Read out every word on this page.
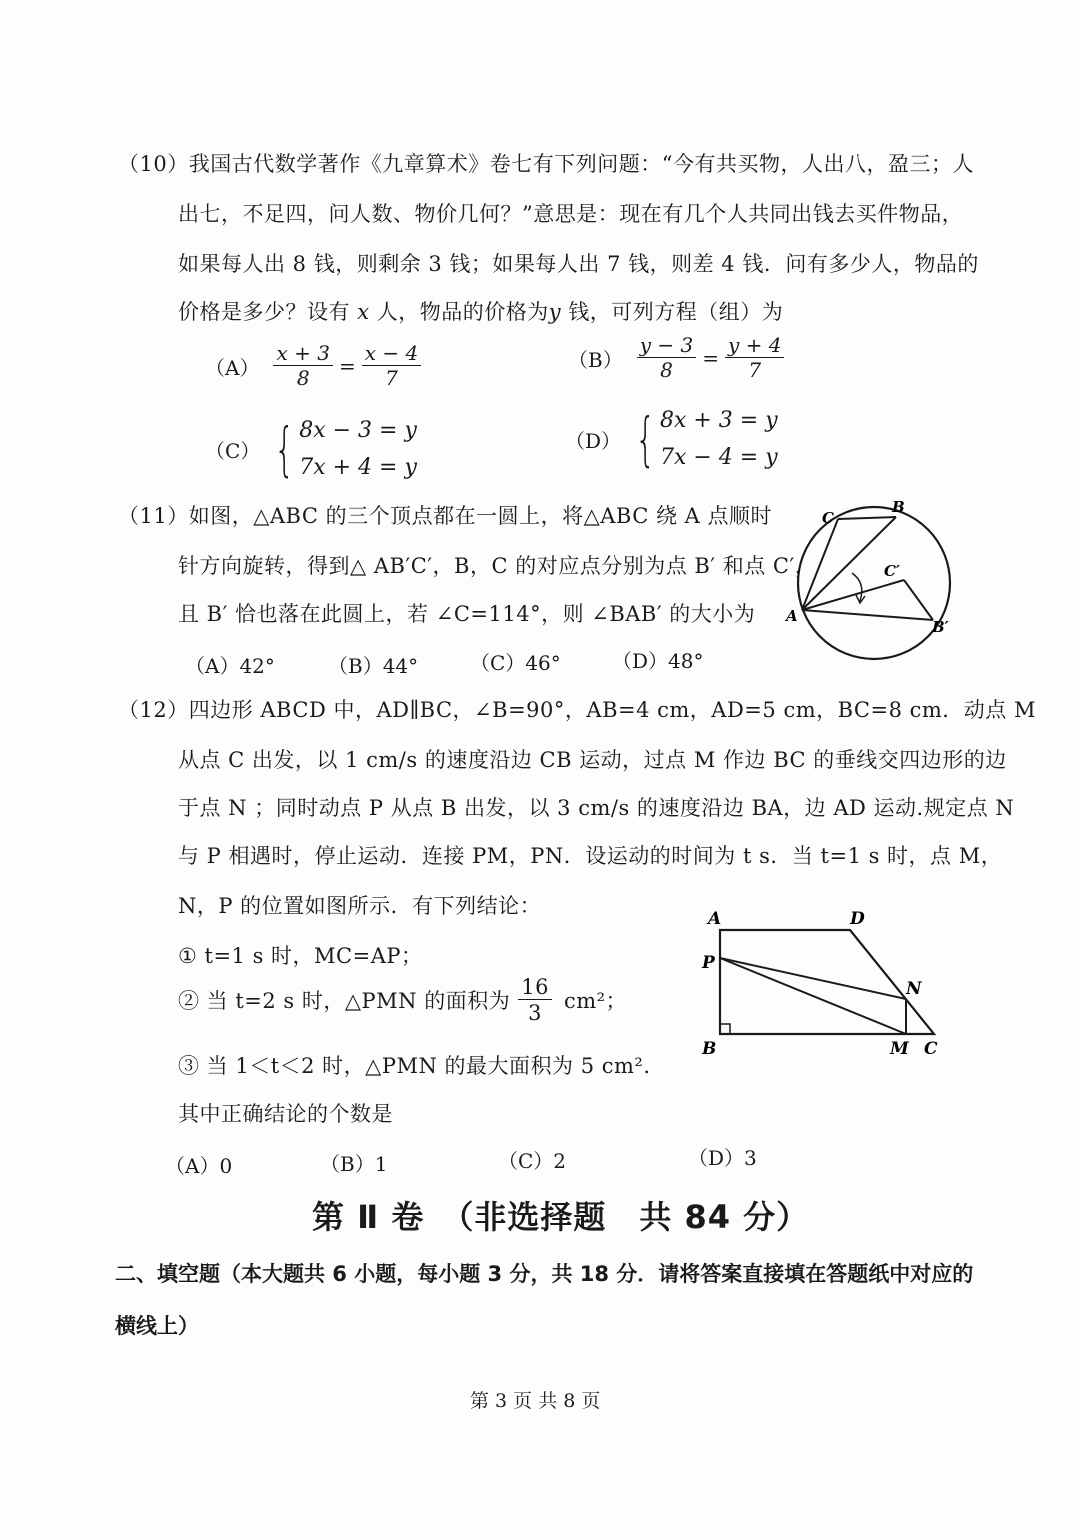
（10）我国古代数学著作《九章算术》卷七有下列问题：“今有共买物，人出八，盈三；人
出七，不足四，问人数、物价几何？”意思是：现在有几个人共同出钱去买件物品，
如果每人出 8 钱，则剩余 3 钱；如果每人出 7 钱，则差 4 钱．问有多少人，物品的
价格是多少？设有 x 人，物品的价格为y 钱，可列方程（组）为
$(A) \frac{x + 3}{8} = \frac{x - 4}{7}$	$(B) \frac{y - 3}{8} = \frac{y + 4}{7}$
（C） { 8x − 3 = y
7x + 4 = y
（D） { 8x + 3 = y
7x − 4 = y
（11）如图，△ABC 的三个顶点都在一圆上，将△ABC 绕 A 点顺时
针方向旋转，得到△ AB′C′，B，C 的对应点分别为点 B′ 和点 C′，
且 B′ 恰也落在此圆上，若 ∠C=114°，则 ∠BAB′ 的大小为
（A）42°	（B）44°	（C）46°	（D）48°
A
B
C
C′
B′
（12）四边形 ABCD 中，AD∥BC，∠B=90°，AB=4 cm，AD=5 cm，BC=8 cm．动点 M
从点 C 出发，以 1 cm/s 的速度沿边 CB 运动，过点 M 作边 BC 的垂线交四边形的边
于点 N ；同时动点 P 从点 B 出发，以 3 cm/s 的速度沿边 BA，边 AD 运动.规定点 N
与 P 相遇时，停止运动．连接 PM，PN．设运动的时间为 t s．当 t=1 s 时，点 M，
N，P 的位置如图所示．有下列结论：
① t=1 s 时，MC=AP；
② 当 t=2 s 时，△PMN 的面积为 $\frac{16}{3} cm^2$；
③ 当 1＜t＜2 时，△PMN 的最大面积为 5 cm².
其中正确结论的个数是
（A）0	（B）1	（C）2	（D）3
A	D
P
N
B	M C
第 Ⅱ 卷　（非选择题　共 84 分）
二、填空题（本大题共 6 小题，每小题 3 分，共 18 分．请将答案直接填在答题纸中对应的
横线上）
第 3 页 共 8 页
